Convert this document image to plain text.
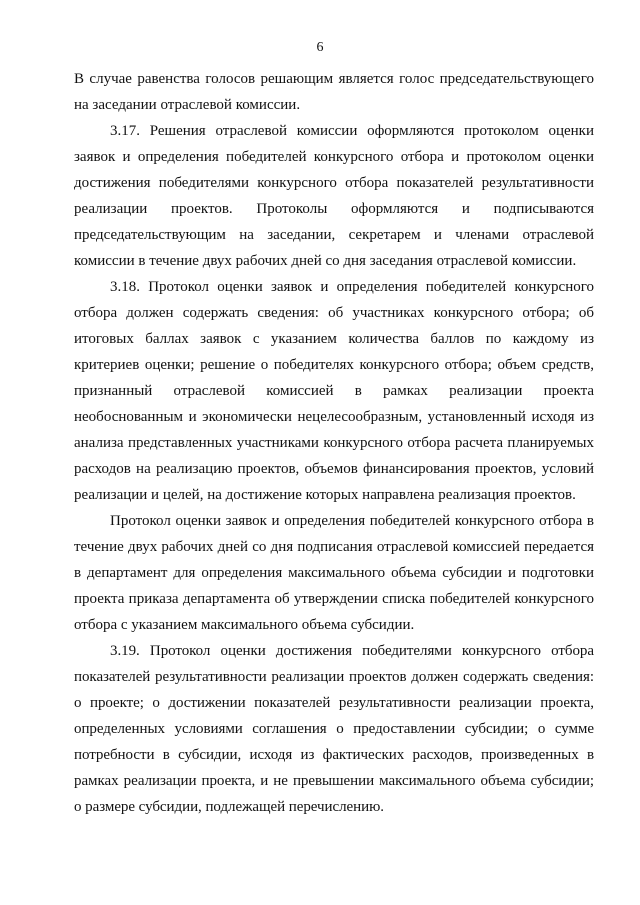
6

В случае равенства голосов решающим является голос председательствующего на заседании отраслевой комиссии.

3.17. Решения отраслевой комиссии оформляются протоколом оценки заявок и определения победителей конкурсного отбора и протоколом оценки достижения победителями конкурсного отбора показателей результативности реализации проектов. Протоколы оформляются и подписываются председательствующим на заседании, секретарем и членами отраслевой комиссии в течение двух рабочих дней со дня заседания отраслевой комиссии.

3.18. Протокол оценки заявок и определения победителей конкурсного отбора должен содержать сведения: об участниках конкурсного отбора; об итоговых баллах заявок с указанием количества баллов по каждому из критериев оценки; решение о победителях конкурсного отбора; объем средств, признанный отраслевой комиссией в рамках реализации проекта необоснованным и экономически нецелесообразным, установленный исходя из анализа представленных участниками конкурсного отбора расчета планируемых расходов на реализацию проектов, объемов финансирования проектов, условий реализации и целей, на достижение которых направлена реализация проектов.

Протокол оценки заявок и определения победителей конкурсного отбора в течение двух рабочих дней со дня подписания отраслевой комиссией передается в департамент для определения максимального объема субсидии и подготовки проекта приказа департамента об утверждении списка победителей конкурсного отбора с указанием максимального объема субсидии.

3.19. Протокол оценки достижения победителями конкурсного отбора показателей результативности реализации проектов должен содержать сведения: о проекте; о достижении показателей результативности реализации проекта, определенных условиями соглашения о предоставлении субсидии; о сумме потребности в субсидии, исходя из фактических расходов, произведенных в рамках реализации проекта, и не превышении максимального объема субсидии; о размере субсидии, подлежащей перечислению.
